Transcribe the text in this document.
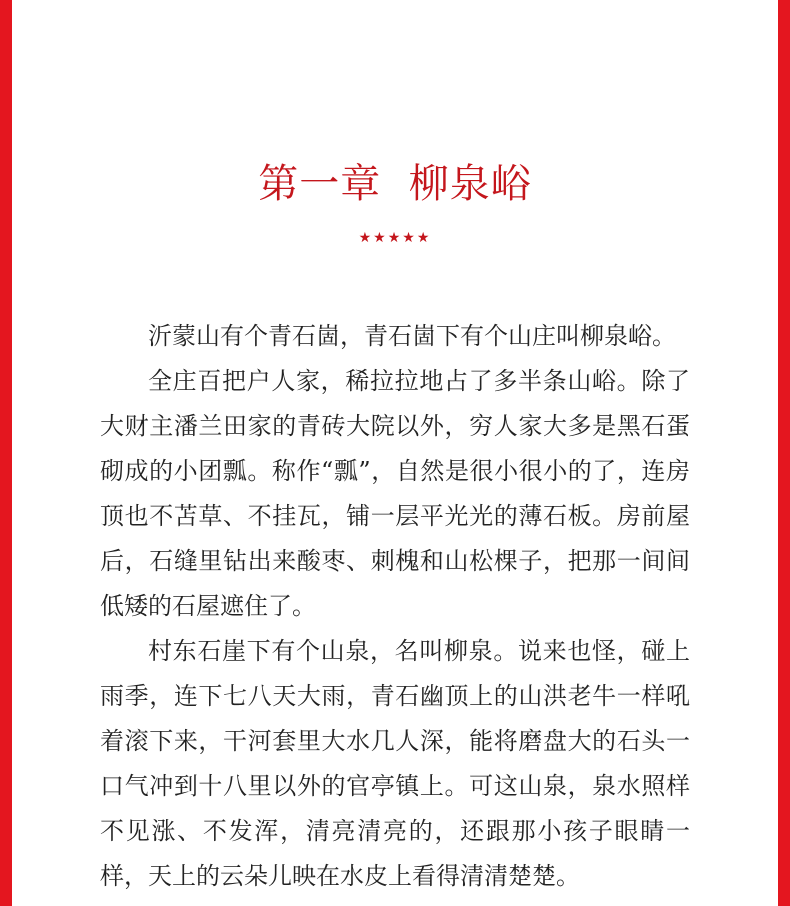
第一章  柳泉峪
★★★★★

沂蒙山有个青石崮，青石崮下有个山庄叫柳泉峪。

全庄百把户人家，稀拉拉地占了多半条山峪。除了大财主潘兰田家的青砖大院以外，穷人家大多是黑石蛋砌成的小团瓢。称作“瓢”，自然是很小很小的了，连房顶也不苫草、不挂瓦，铺一层平光光的薄石板。房前屋后，石缝里钻出来酸枣、刺槐和山松棵子，把那一间间低矮的石屋遮住了。

村东石崖下有个山泉，名叫柳泉。说来也怪，碰上雨季，连下七八天大雨，青石幽顶上的山洪老牛一样吼着滚下来，干河套里大水几人深，能将磨盘大的石头一口气冲到十八里以外的官亭镇上。可这山泉，泉水照样不见涨、不发浑，清亮清亮的，还跟那小孩子眼睛一样，天上的云朵儿映在水皮上看得清清楚楚。
